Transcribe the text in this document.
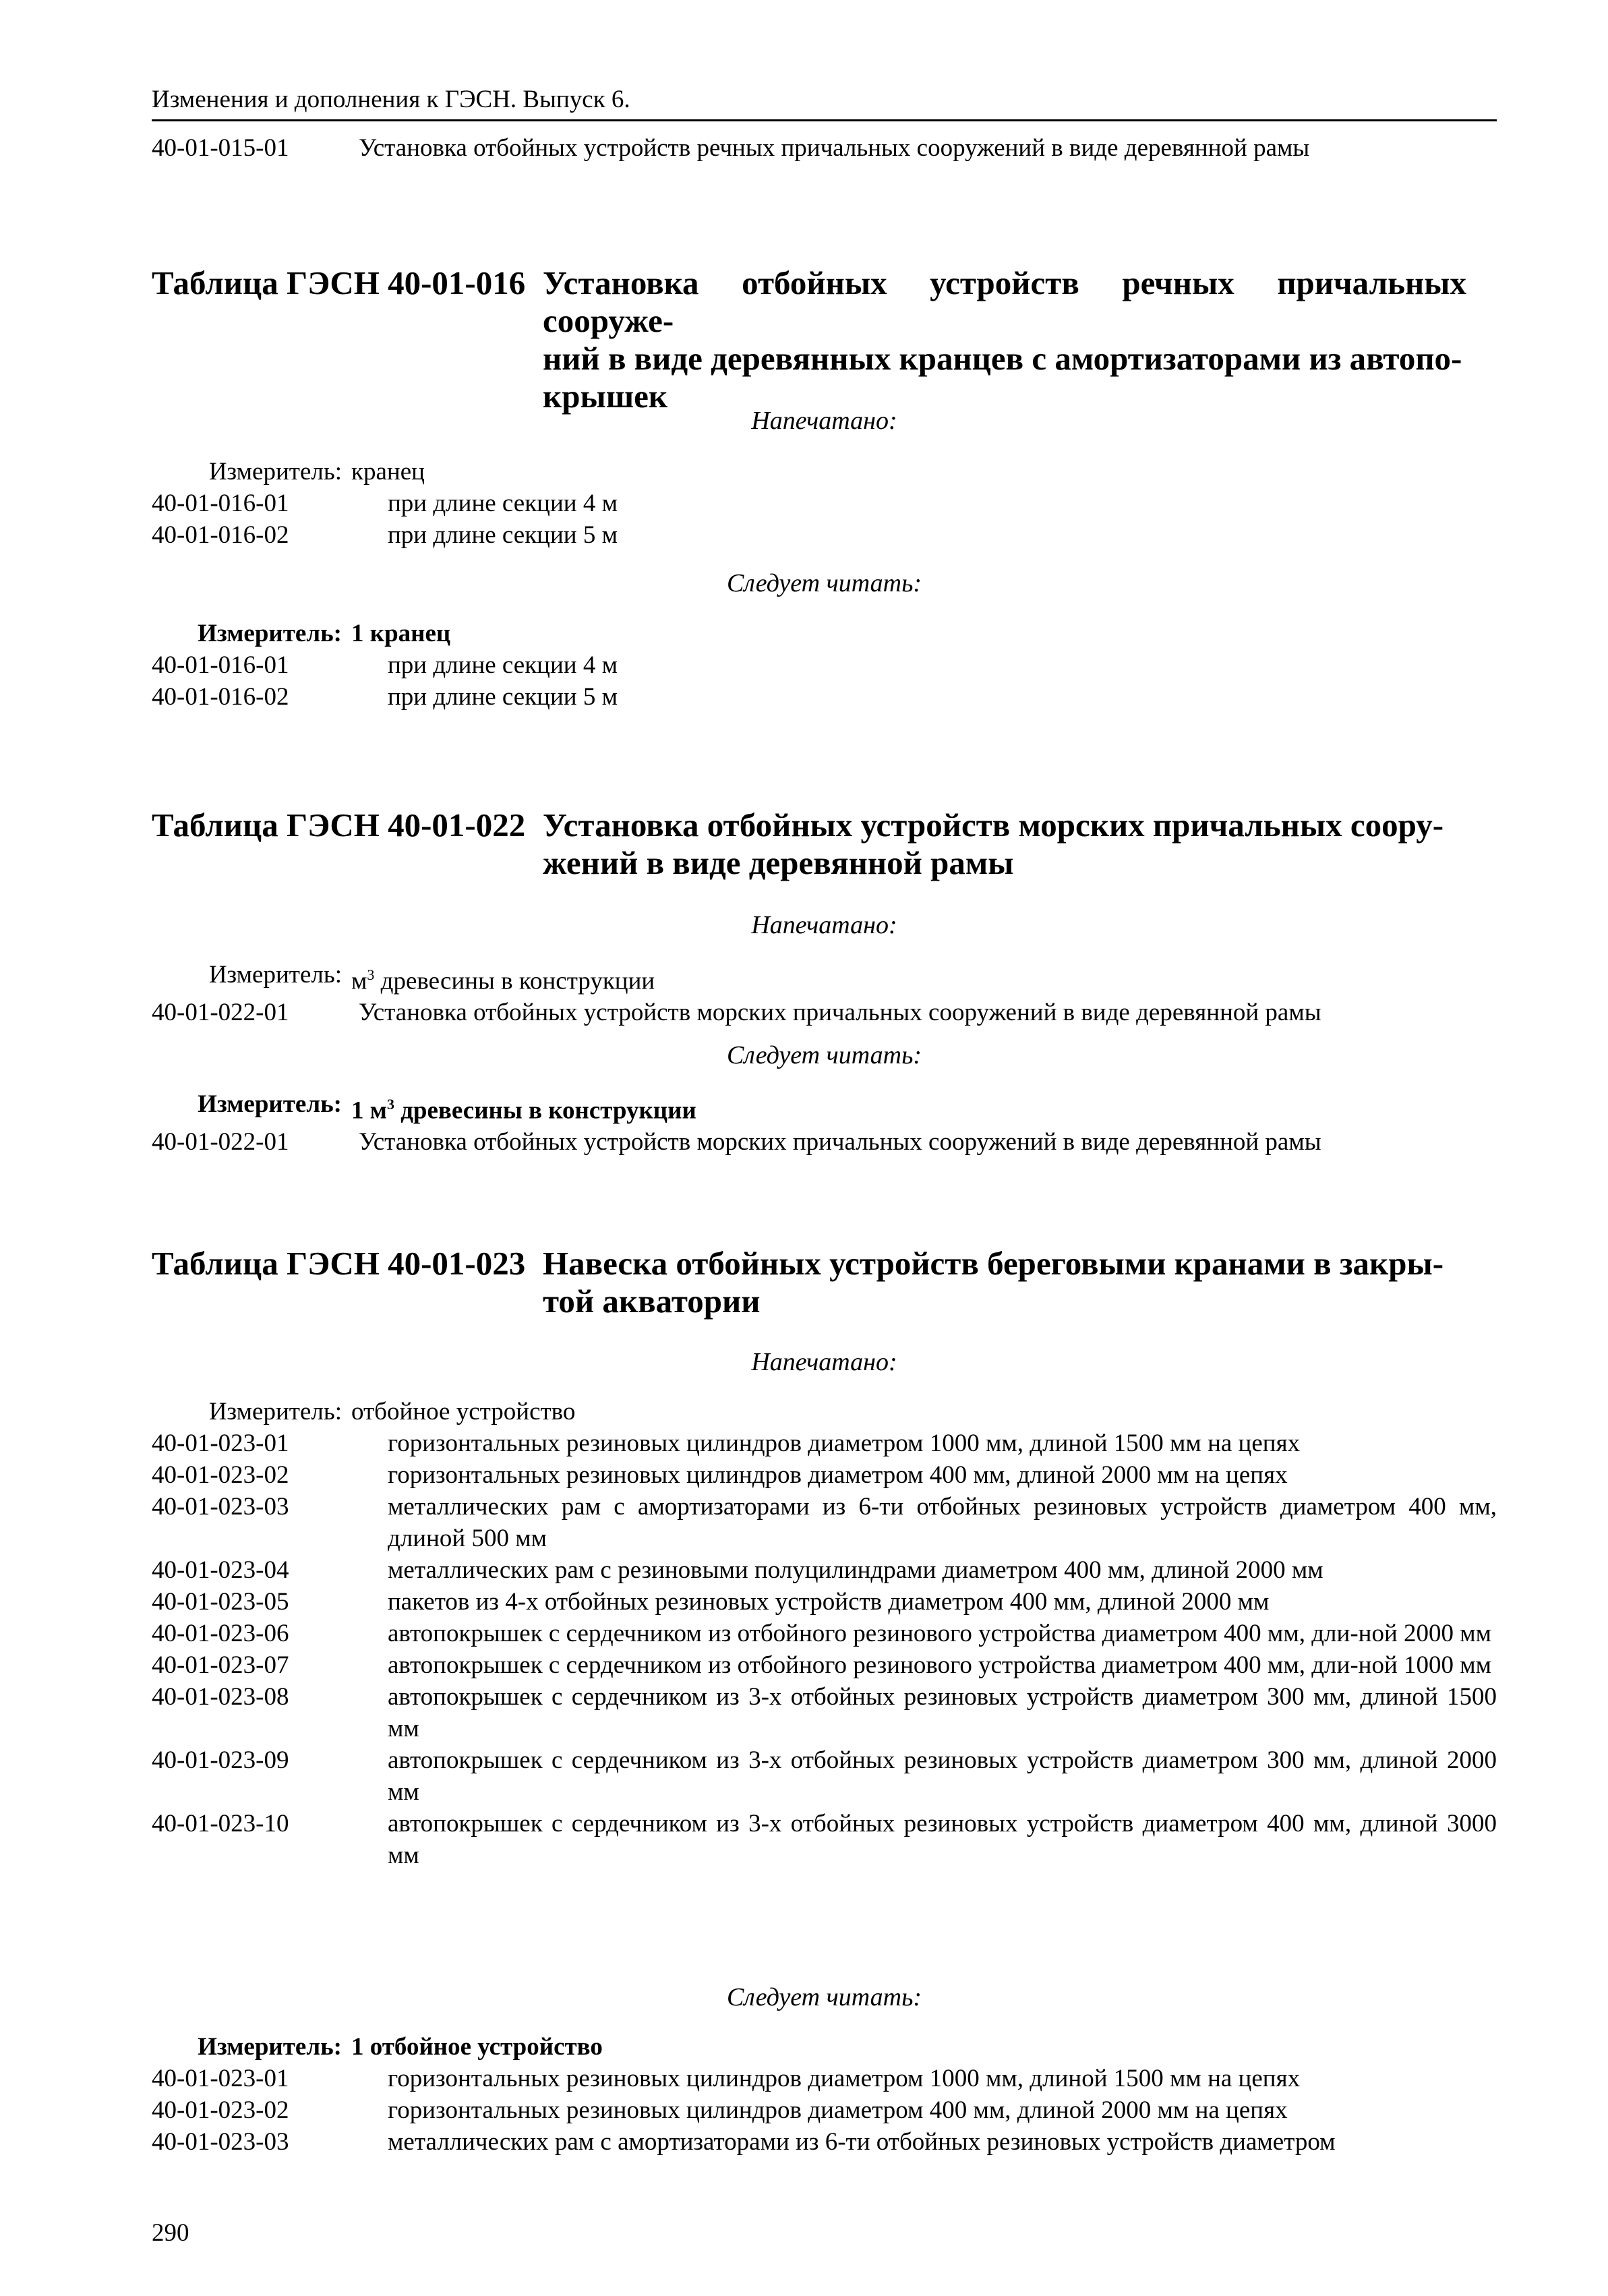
Изменения и дополнения к ГЭСН. Выпуск 6.
40-01-015-01	Установка отбойных устройств речных причальных сооружений в виде деревянной рамы
Таблица ГЭСН 40-01-016 Установка отбойных устройств речных причальных сооруже-
ний в виде деревянных кранцев с амортизаторами из автопо-
крышек
Напечатано:
Измеритель: кранец
40-01-016-01	при длине секции 4 м
40-01-016-02	при длине секции 5 м
Следует читать:
Измеритель: 1 кранец
40-01-016-01	при длине секции 4 м
40-01-016-02	при длине секции 5 м
Таблица ГЭСН 40-01-022 Установка отбойных устройств морских причальных соору-
жений в виде деревянной рамы
Напечатано:
Измеритель: $м^3$ древесины в конструкции
40-01-022-01	Установка отбойных устройств морских причальных сооружений в виде деревянной рамы
Следует читать:
Измеритель: 1 $м^3$ древесины в конструкции
40-01-022-01	Установка отбойных устройств морских причальных сооружений в виде деревянной рамы
Таблица ГЭСН 40-01-023 Навеска отбойных устройств береговыми кранами в закры-
той акватории
Напечатано:
Измеритель: отбойное устройство
40-01-023-01	горизонтальных резиновых цилиндров диаметром 1000 мм, длиной 1500 мм на цепях
40-01-023-02	горизонтальных резиновых цилиндров диаметром 400 мм, длиной 2000 мм на цепях
40-01-023-03	металлических рам с амортизаторами из 6-ти отбойных резиновых устройств диаметром 400 мм, длиной 500 мм
40-01-023-04	металлических рам с резиновыми полуцилиндрами диаметром 400 мм, длиной 2000 мм
40-01-023-05	пакетов из 4-х отбойных резиновых устройств диаметром 400 мм, длиной 2000 мм
40-01-023-06	автопокрышек с сердечником из отбойного резинового устройства диаметром 400 мм, дли-ной 2000 мм
40-01-023-07	автопокрышек с сердечником из отбойного резинового устройства диаметром 400 мм, дли-ной 1000 мм
40-01-023-08	автопокрышек с сердечником из 3-х отбойных резиновых устройств диаметром 300 мм, длиной 1500 мм
40-01-023-09	автопокрышек с сердечником из 3-х отбойных резиновых устройств диаметром 300 мм, длиной 2000 мм
40-01-023-10	автопокрышек с сердечником из 3-х отбойных резиновых устройств диаметром 400 мм, длиной 3000 мм
Следует читать:
Измеритель: 1 отбойное устройство
40-01-023-01	горизонтальных резиновых цилиндров диаметром 1000 мм, длиной 1500 мм на цепях
40-01-023-02	горизонтальных резиновых цилиндров диаметром 400 мм, длиной 2000 мм на цепях
40-01-023-03	металлических рам с амортизаторами из 6-ти отбойных резиновых устройств диаметром
290
